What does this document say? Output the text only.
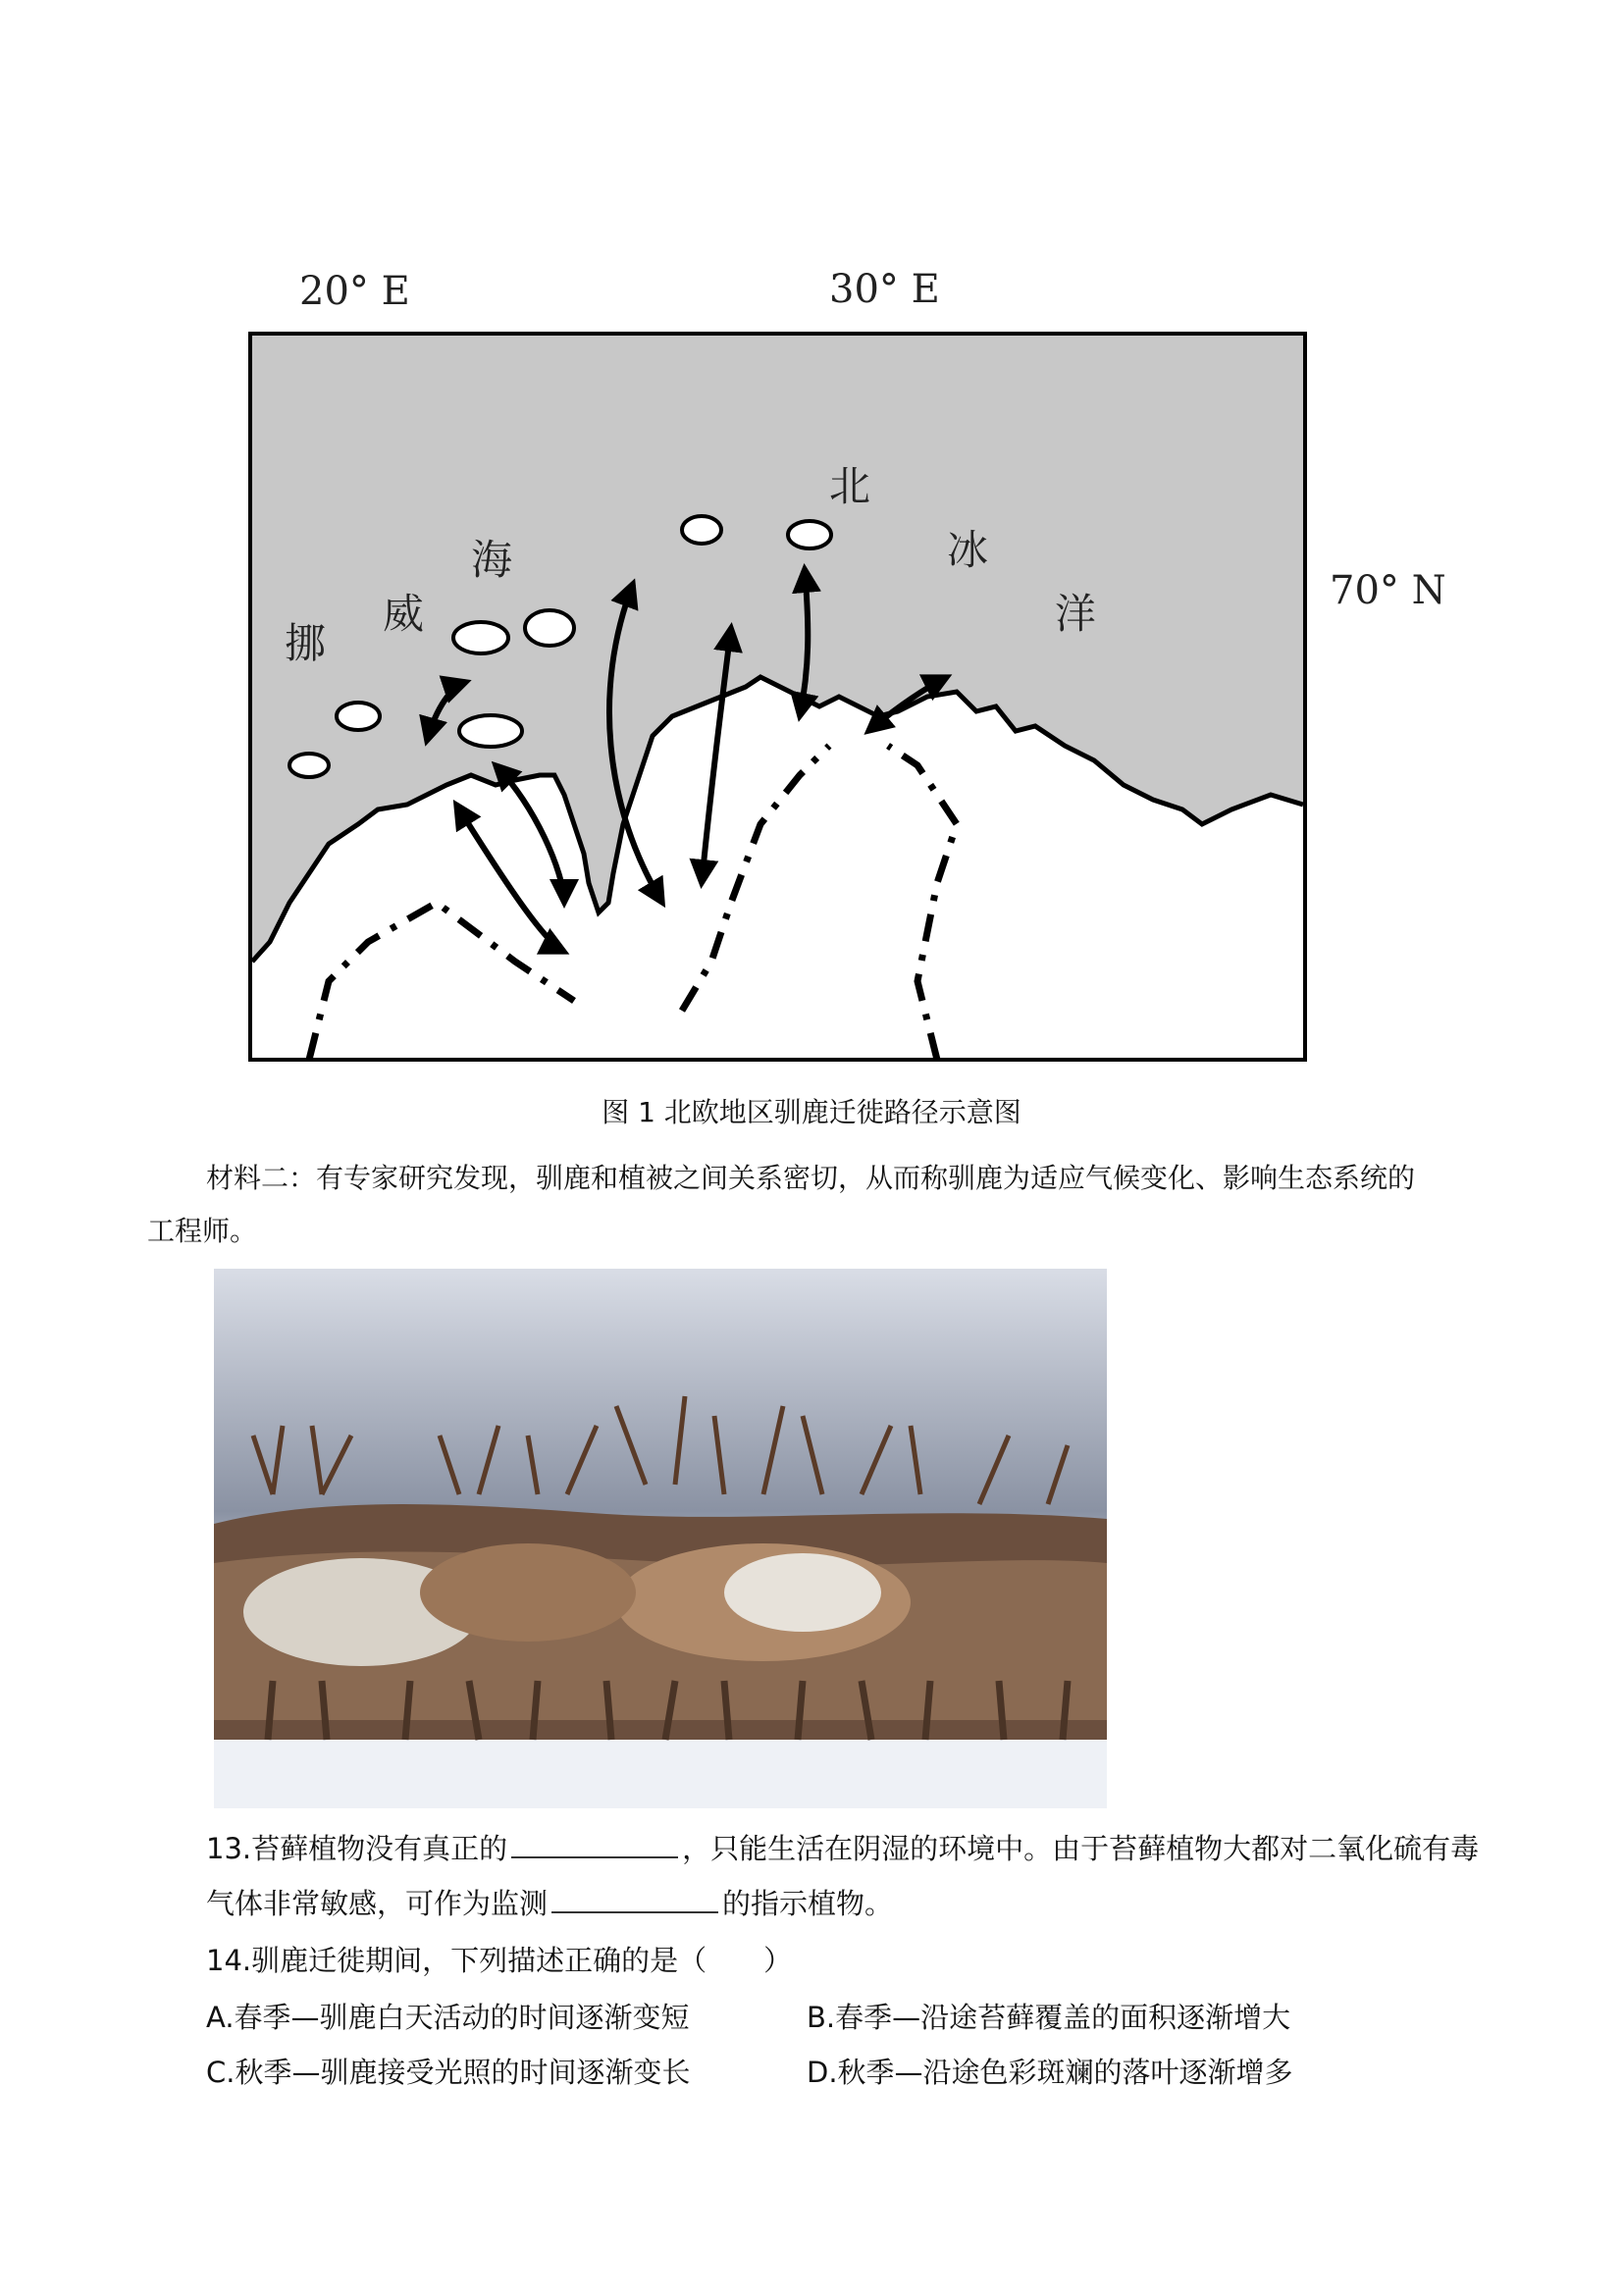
20° E	30° E
70° N
挪
威
海
北
冰
洋
图 1 北欧地区驯鹿迁徙路径示意图
材料二：有专家研究发现，驯鹿和植被之间关系密切，从而称驯鹿为适应气候变化、影响生态系统的
工程师。
13.苔藓植物没有真正的	，只能生活在阴湿的环境中。由于苔藓植物大都对二氧化硫有毒
气体非常敏感，可作为监测	的指示植物。
14.驯鹿迁徙期间，下列描述正确的是（　　）
A.春季—驯鹿白天活动的时间逐渐变短	B.春季—沿途苔藓覆盖的面积逐渐增大
C.秋季—驯鹿接受光照的时间逐渐变长	D.秋季—沿途色彩斑斓的落叶逐渐增多
